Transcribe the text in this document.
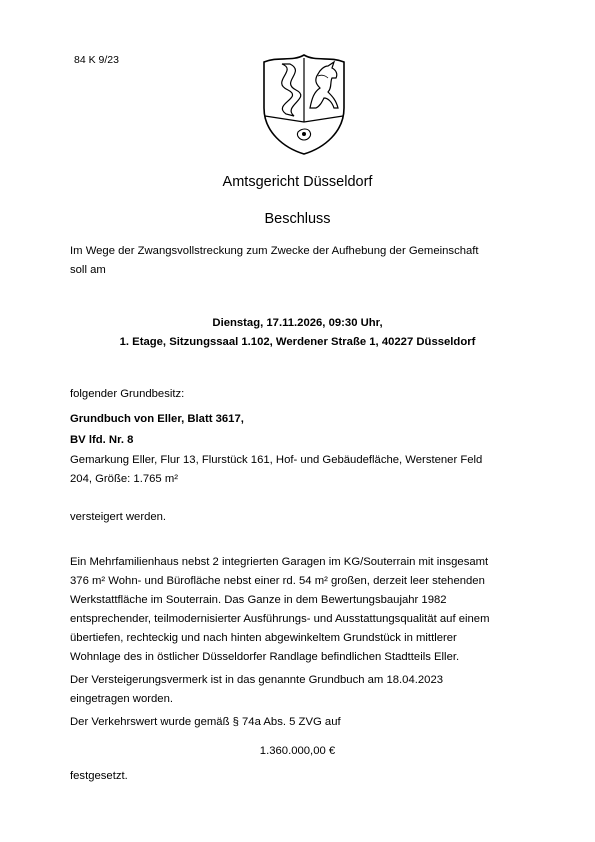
84 K 9/23
Amtsgericht Düsseldorf
Beschluss
Im Wege der Zwangsvollstreckung zum Zwecke der Aufhebung der Gemeinschaft
soll am
Dienstag, 17.11.2026, 09:30 Uhr,
1. Etage, Sitzungssaal 1.102, Werdener Straße 1, 40227 Düsseldorf
folgender Grundbesitz:
Grundbuch von Eller, Blatt 3617,
BV lfd. Nr. 8
Gemarkung Eller, Flur 13, Flurstück 161, Hof- und Gebäudefläche, Werstener Feld
204, Größe: 1.765 m²
versteigert werden.
Ein Mehrfamilienhaus nebst 2 integrierten Garagen im KG/Souterrain mit insgesamt
376 m² Wohn- und Bürofläche nebst einer rd. 54 m² großen, derzeit leer stehenden
Werkstattfläche im Souterrain. Das Ganze in dem Bewertungsbaujahr 1982
entsprechender, teilmodernisierter Ausführungs- und Ausstattungsqualität auf einem
übertiefen, rechteckig und nach hinten abgewinkeltem Grundstück in mittlerer
Wohnlage des in östlicher Düsseldorfer Randlage befindlichen Stadtteils Eller.
Der Versteigerungsvermerk ist in das genannte Grundbuch am 18.04.2023
eingetragen worden.
Der Verkehrswert wurde gemäß § 74a Abs. 5 ZVG auf
1.360.000,00 €
festgesetzt.
